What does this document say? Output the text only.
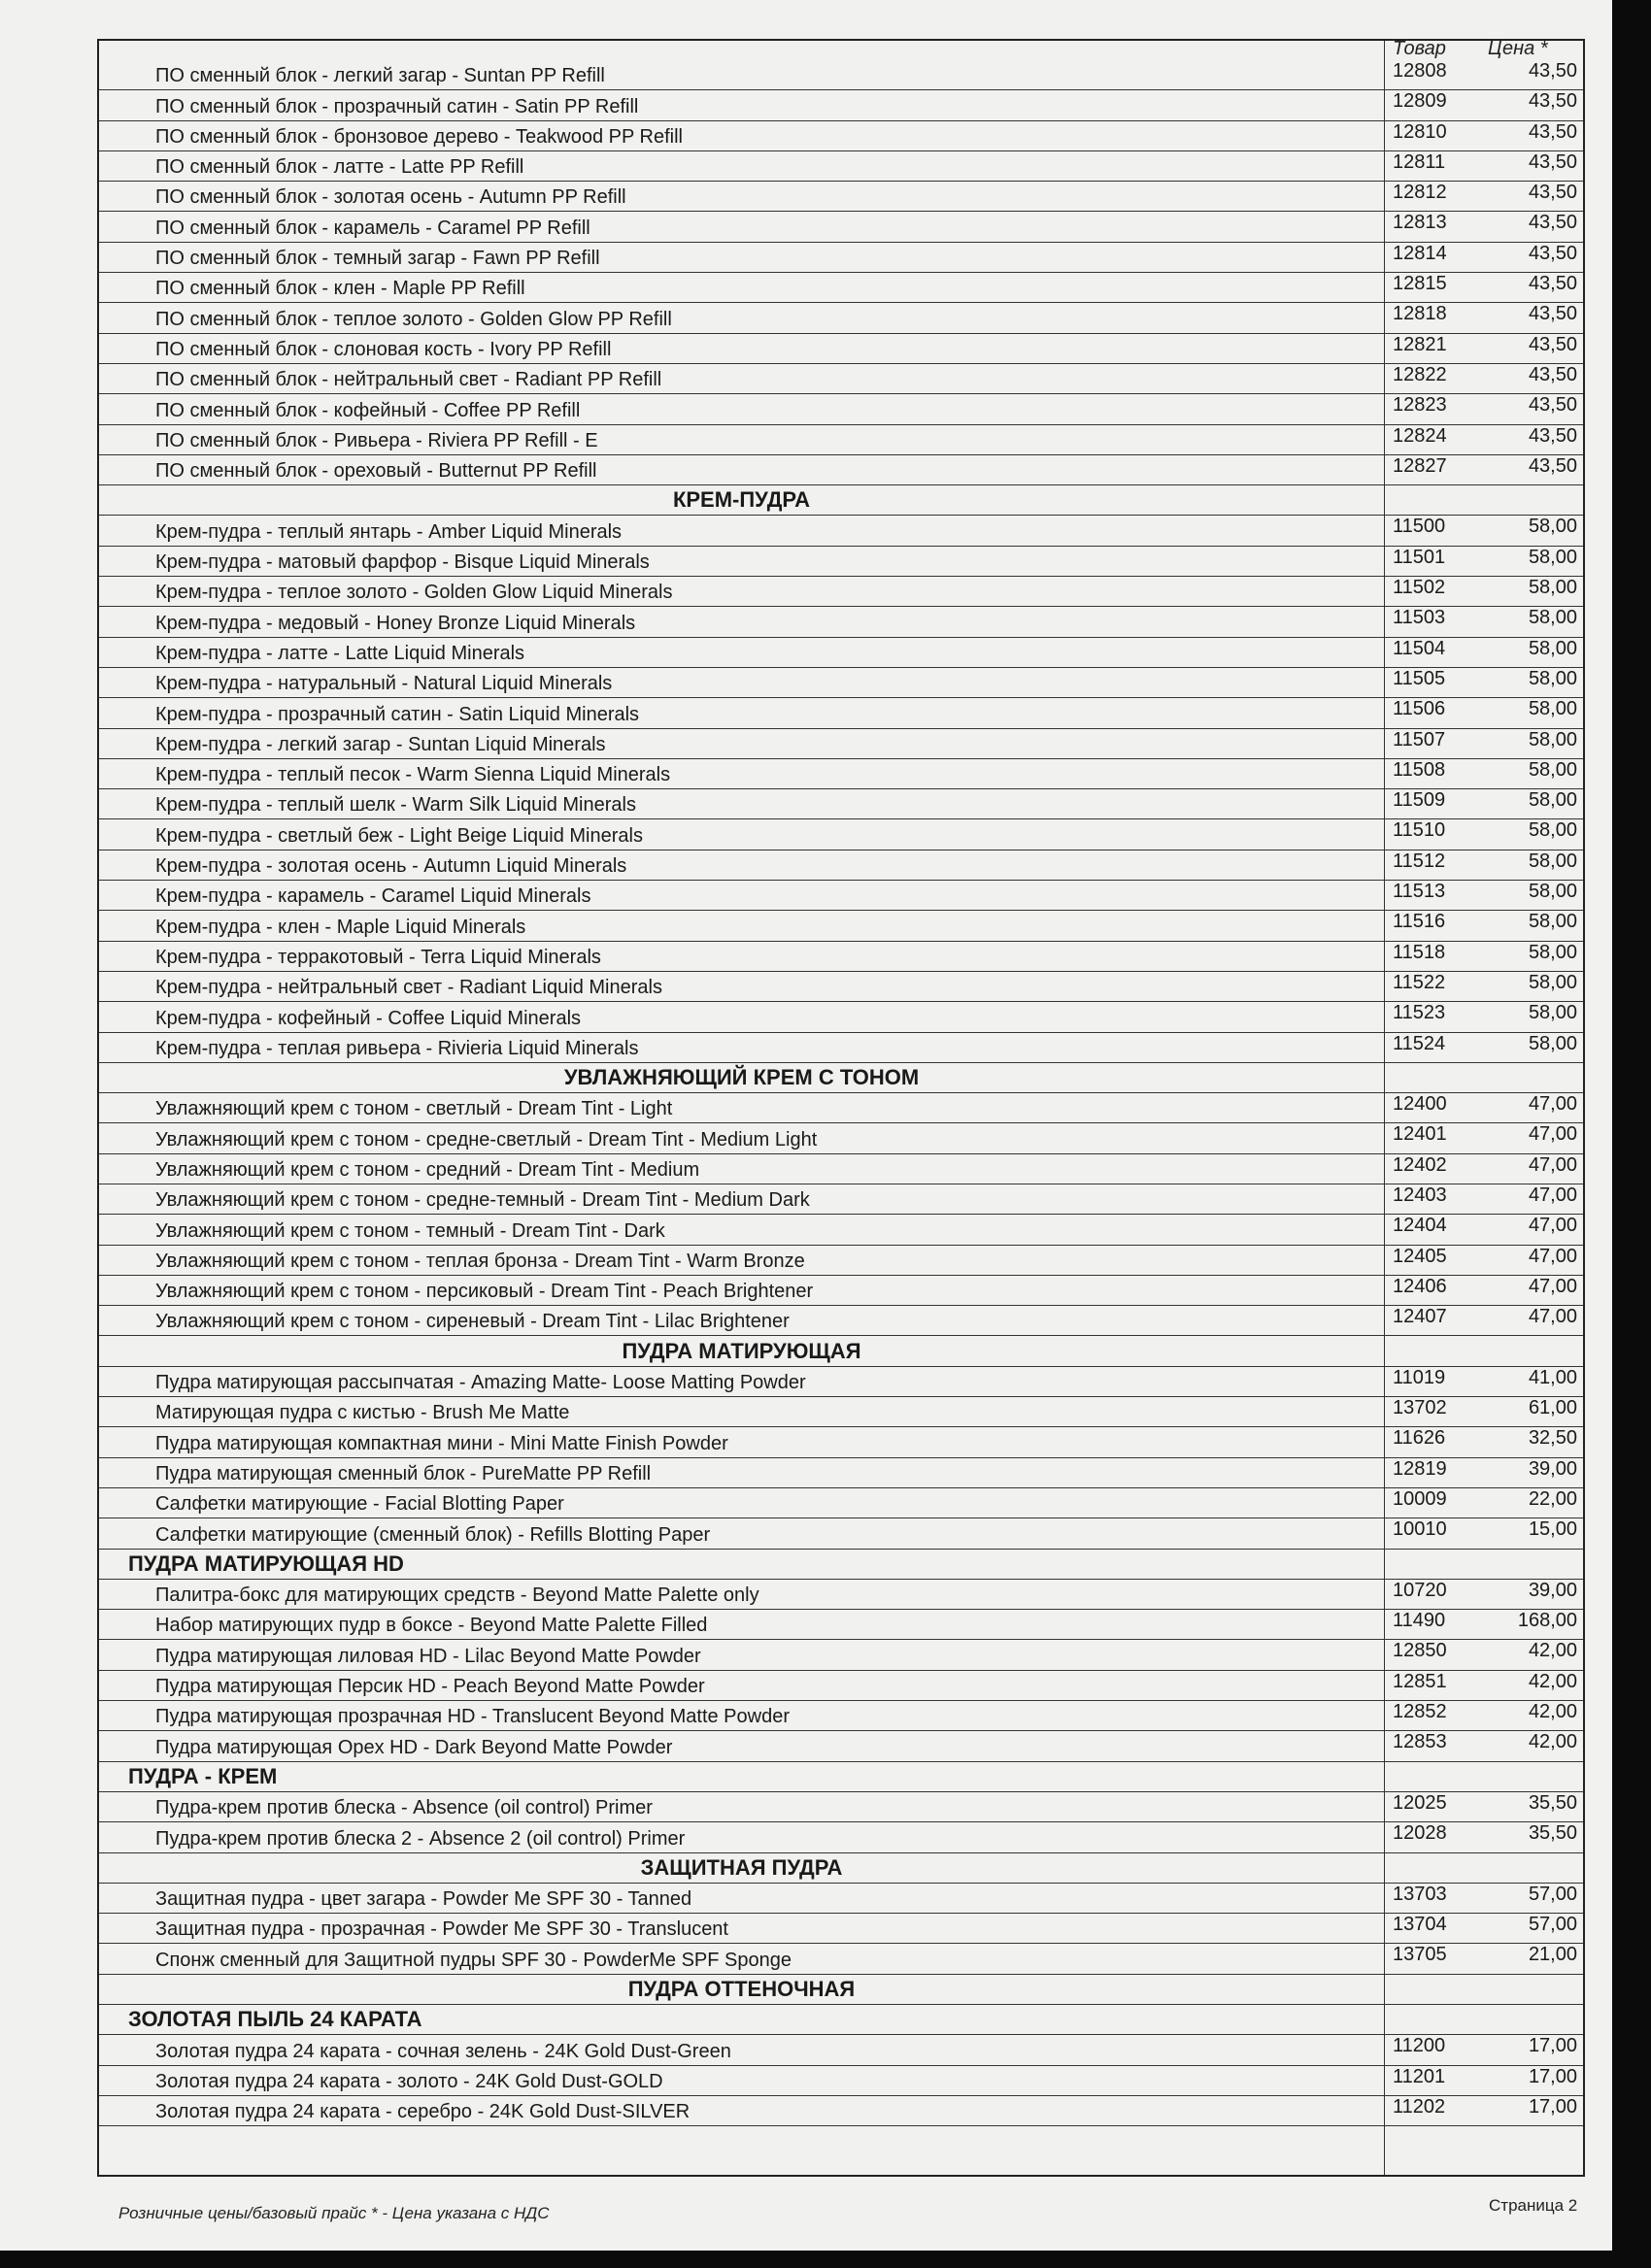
Товар Цена *
ПО сменный блок - легкий загар - Suntan PP Refill	12808	43,50
ПО сменный блок - прозрачный сатин - Satin PP Refill	12809	43,50
ПО сменный блок - бронзовое дерево - Teakwood PP Refill	12810	43,50
ПО сменный блок - латте - Latte PP Refill	12811	43,50
ПО сменный блок - золотая осень - Autumn PP Refill	12812	43,50
ПО сменный блок - карамель - Caramel PP Refill	12813	43,50
ПО сменный блок - темный загар - Fawn PP Refill	12814	43,50
ПО сменный блок - клен - Maple PP Refill	12815	43,50
ПО сменный блок - теплое золото - Golden Glow PP Refill	12818	43,50
ПО сменный блок - слоновая кость - Ivory PP Refill	12821	43,50
ПО сменный блок - нейтральный свет - Radiant PP Refill	12822	43,50
ПО сменный блок - кофейный - Coffee PP Refill	12823	43,50
ПО сменный блок - Ривьера - Riviera PP Refill - E	12824	43,50
ПО сменный блок - ореховый - Butternut PP Refill	12827	43,50
КРЕМ-ПУДРА
Крем-пудра - теплый янтарь - Amber Liquid Minerals	11500	58,00
Крем-пудра - матовый фарфор - Bisque Liquid Minerals	11501	58,00
Крем-пудра - теплое золото - Golden Glow Liquid Minerals	11502	58,00
Крем-пудра - медовый - Honey Bronze Liquid Minerals	11503	58,00
Крем-пудра - латте - Latte Liquid Minerals	11504	58,00
Крем-пудра - натуральный - Natural Liquid Minerals	11505	58,00
Крем-пудра - прозрачный сатин - Satin Liquid Minerals	11506	58,00
Крем-пудра - легкий загар - Suntan Liquid Minerals	11507	58,00
Крем-пудра - теплый песок - Warm Sienna Liquid Minerals	11508	58,00
Крем-пудра - теплый шелк - Warm Silk Liquid Minerals	11509	58,00
Крем-пудра - светлый беж - Light Beige Liquid Minerals	11510	58,00
Крем-пудра - золотая осень - Autumn Liquid Minerals	11512	58,00
Крем-пудра - карамель - Caramel Liquid Minerals	11513	58,00
Крем-пудра - клен - Maple Liquid Minerals	11516	58,00
Крем-пудра - терракотовый - Terra Liquid Minerals	11518	58,00
Крем-пудра - нейтральный свет - Radiant Liquid Minerals	11522	58,00
Крем-пудра - кофейный - Coffee Liquid Minerals	11523	58,00
Крем-пудра - теплая ривьера - Rivieria Liquid Minerals	11524	58,00
УВЛАЖНЯЮЩИЙ КРЕМ С ТОНОМ
Увлажняющий крем с тоном - светлый - Dream Tint - Light	12400	47,00
Увлажняющий крем с тоном - средне-светлый - Dream Tint - Medium Light	12401	47,00
Увлажняющий крем с тоном - средний - Dream Tint - Medium	12402	47,00
Увлажняющий крем с тоном - средне-темный - Dream Tint - Medium Dark	12403	47,00
Увлажняющий крем с тоном - темный - Dream Tint - Dark	12404	47,00
Увлажняющий крем с тоном - теплая бронза - Dream Tint - Warm Bronze	12405	47,00
Увлажняющий крем с тоном - персиковый - Dream Tint - Peach Brightener	12406	47,00
Увлажняющий крем с тоном - сиреневый - Dream Tint - Lilac Brightener	12407	47,00
ПУДРА МАТИРУЮЩАЯ
Пудра матирующая рассыпчатая - Amazing Matte- Loose Matting Powder	11019	41,00
Матирующая пудра с кистью - Brush Me Matte	13702	61,00
Пудра матирующая компактная мини - Mini Matte Finish Powder	11626	32,50
Пудра матирующая сменный блок - PureMatte PP Refill	12819	39,00
Салфетки матирующие - Facial Blotting Paper	10009	22,00
Салфетки матирующие (сменный блок) - Refills Blotting Paper	10010	15,00
ПУДРА МАТИРУЮЩАЯ HD
Палитра-бокс для матирующих средств - Beyond Matte Palette only	10720	39,00
Набор матирующих пудр в боксе - Beyond Matte Palette Filled	11490	168,00
Пудра матирующая лиловая HD - Lilac Beyond Matte Powder	12850	42,00
Пудра матирующая Персик HD - Peach Beyond Matte Powder	12851	42,00
Пудра матирующая прозрачная HD - Translucent Beyond Matte Powder	12852	42,00
Пудра матирующая Opex HD - Dark Beyond Matte Powder	12853	42,00
ПУДРА - КРЕМ
Пудра-крем против блеска - Absence (oil control) Primer	12025	35,50
Пудра-крем против блеска 2 - Absence 2 (oil control) Primer	12028	35,50
ЗАЩИТНАЯ ПУДРА
Защитная пудра - цвет загара - Powder Me SPF 30 - Tanned	13703	57,00
Защитная пудра - прозрачная - Powder Me SPF 30 - Translucent	13704	57,00
Спонж сменный для Защитной пудры SPF 30 - PowderMe SPF Sponge	13705	21,00
ПУДРА ОТТЕНОЧНАЯ
ЗОЛОТАЯ ПЫЛЬ 24 КАРАТА
Золотая пудра 24 карата - сочная зелень - 24K Gold Dust-Green	11200	17,00
Золотая пудра 24 карата - золото - 24K Gold Dust-GOLD	11201	17,00
Золотая пудра 24 карата - серебро - 24K Gold Dust-SILVER	11202	17,00
Розничные цены/базовый прайс * - Цена указана с НДС	Страница 2
